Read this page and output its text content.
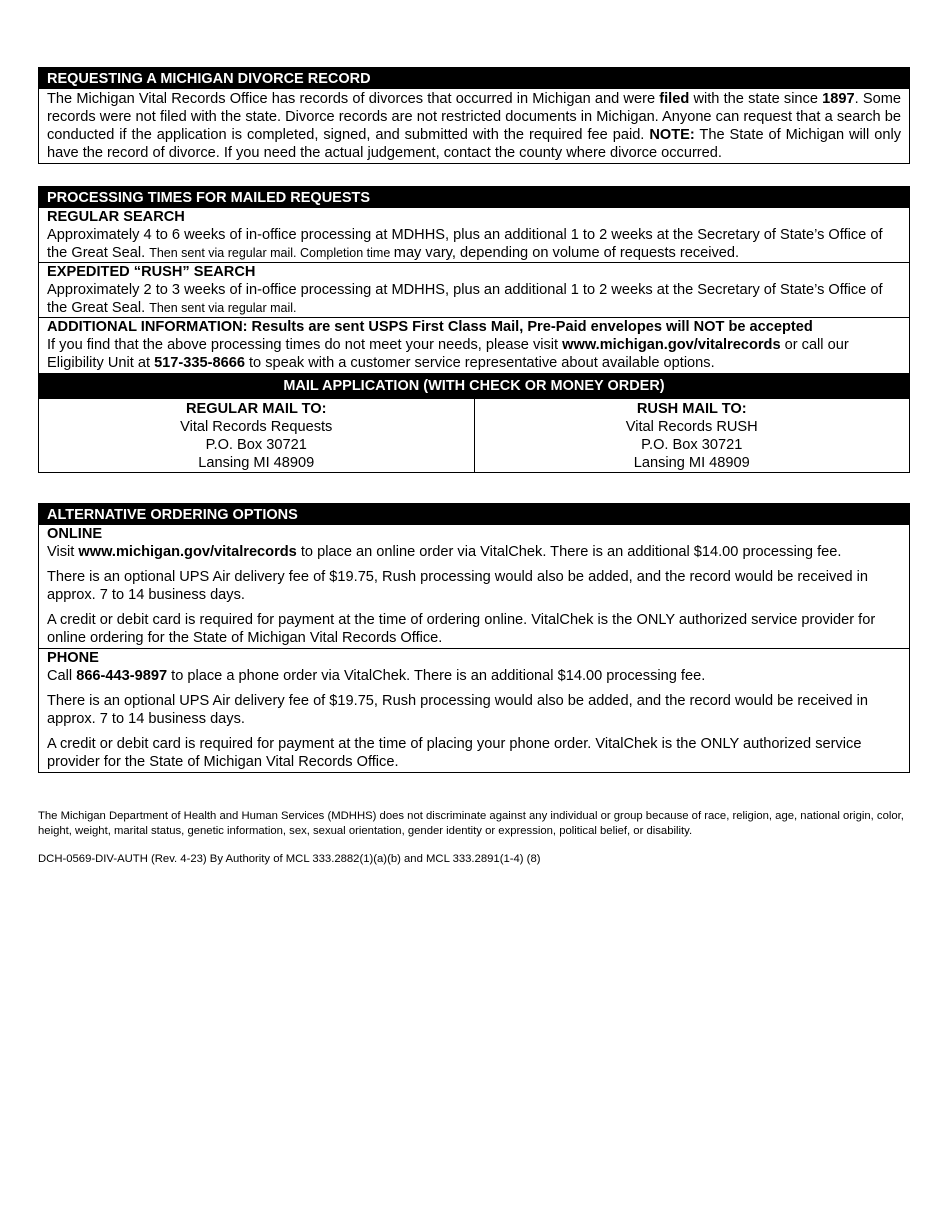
REQUESTING A MICHIGAN DIVORCE RECORD

The Michigan Vital Records Office has records of divorces that occurred in Michigan and were filed with the state since 1897. Some records were not filed with the state. Divorce records are not restricted documents in Michigan. Anyone can request that a search be conducted if the application is completed, signed, and submitted with the required fee paid. NOTE: The State of Michigan will only have the record of divorce. If you need the actual judgement, contact the county where divorce occurred.

PROCESSING TIMES FOR MAILED REQUESTS
REGULAR SEARCH

Approximately 4 to 6 weeks of in-office processing at MDHHS, plus an additional 1 to 2 weeks at the Secretary of State’s Office of the Great Seal. Then sent via regular mail. Completion time may vary, depending on volume of requests received.

EXPEDITED “RUSH” SEARCH

Approximately 2 to 3 weeks of in-office processing at MDHHS, plus an additional 1 to 2 weeks at the Secretary of State’s Office of the Great Seal. Then sent via regular mail.

ADDITIONAL INFORMATION: Results are sent USPS First Class Mail, Pre-Paid envelopes will NOT be accepted

If you find that the above processing times do not meet your needs, please visit www.michigan.gov/vitalrecords or call our Eligibility Unit at 517-335-8666 to speak with a customer service representative about available options.

MAIL APPLICATION (WITH CHECK OR MONEY ORDER)
REGULAR MAIL TO:
Vital Records Requests
P.O. Box 30721
Lansing MI 48909
RUSH MAIL TO:
Vital Records RUSH
P.O. Box 30721
Lansing MI 48909
ALTERNATIVE ORDERING OPTIONS
ONLINE

Visit www.michigan.gov/vitalrecords to place an online order via VitalChek. There is an additional $14.00 processing fee.

There is an optional UPS Air delivery fee of $19.75, Rush processing would also be added, and the record would be received in approx. 7 to 14 business days.

A credit or debit card is required for payment at the time of ordering online. VitalChek is the ONLY authorized service provider for online ordering for the State of Michigan Vital Records Office.

PHONE

Call 866-443-9897 to place a phone order via VitalChek. There is an additional $14.00 processing fee.

There is an optional UPS Air delivery fee of $19.75, Rush processing would also be added, and the record would be received in approx. 7 to 14 business days.

A credit or debit card is required for payment at the time of placing your phone order. VitalChek is the ONLY authorized service provider for the State of Michigan Vital Records Office.

The Michigan Department of Health and Human Services (MDHHS) does not discriminate against any individual or group because of race, religion, age, national origin, color, height, weight, marital status, genetic information, sex, sexual orientation, gender identity or expression, political belief, or disability.
DCH-0569-DIV-AUTH (Rev. 4-23) By Authority of MCL 333.2882(1)(a)(b) and MCL 333.2891(1-4) (8)
